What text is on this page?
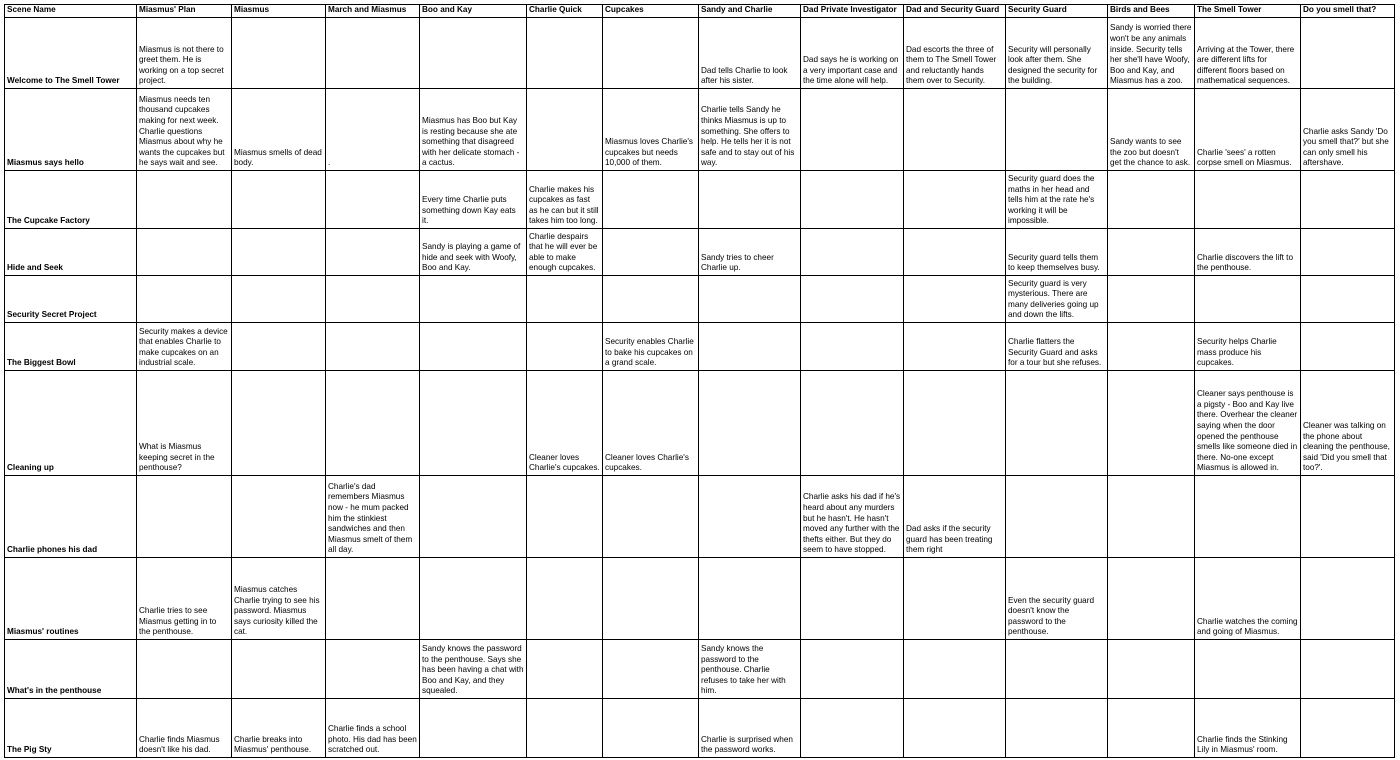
Scene Name	Miasmus' Plan	Miasmus	March and Miasmus	Boo and Kay	Charlie Quick	Cupcakes	Sandy and Charlie	Dad Private Investigator	Dad and Security Guard	Security Guard	Birds and Bees	The Smell Tower	Do you smell that?

Welcome to The Smell Tower	Miasmus is not there to greet them. He is working on a top secret project.						Dad tells Charlie to look after his sister.	Dad says he is working on a very important case and the time alone will help.	Dad escorts the three of them to The Smell Tower and reluctantly hands them over to Security.	Security will personally look after them. She designed the security for the building.	Sandy is worried there won't be any animals inside. Security tells her she'll have Woofy, Boo and Kay, and Miasmus has a zoo.	Arriving at the Tower, there are different lifts for different floors based on mathematical sequences.	

Miasmus says hello	Miasmus needs ten thousand cupcakes making for next week. Charlie questions Miasmus about why he wants the cupcakes but he says wait and see.	Miasmus smells of dead body.	.	Miasmus has Boo but Kay is resting because she ate something that disagreed with her delicate stomach - a cactus.		Miasmus loves Charlie's cupcakes but needs 10,000 of them.	Charlie tells Sandy he thinks Miasmus is up to something. She offers to help. He tells her it is not safe and to stay out of his way.				Sandy wants to see the zoo but doesn't get the chance to ask.	Charlie 'sees' a rotten corpse smell on Miasmus.	Charlie asks Sandy 'Do you smell that?' but she can only smell his aftershave.

The Cupcake Factory				Every time Charlie puts something down Kay eats it.	Charlie makes his cupcakes as fast as he can but it still takes him too long.					Security guard does the maths in her head and tells him at the rate he's working it will be impossible.			

Hide and Seek				Sandy is playing a game of hide and seek with Woofy, Boo and Kay.	Charlie despairs that he will ever be able to make enough cupcakes.		Sandy tries to cheer Charlie up.			Security guard tells them to keep themselves busy.		Charlie discovers the lift to the penthouse.	

Security Secret Project										Security guard is very mysterious. There are many deliveries going up and down the lifts.			

The Biggest Bowl	Security makes a device that enables Charlie to make cupcakes on an industrial scale.					Security enables Charlie to bake his cupcakes on a grand scale.				Charlie flatters the Security Guard and asks for a tour but she refuses.		Security helps Charlie mass produce his cupcakes.	

Cleaning up	What is Miasmus keeping secret in the penthouse?				Cleaner loves Charlie's cupcakes.	Cleaner loves Charlie's cupcakes.						Cleaner says penthouse is a pigsty - Boo and Kay live there. Overhear the cleaner saying when the door opened the penthouse smells like someone died in there. No-one except Miasmus is allowed in.	Cleaner was talking on the phone about cleaning the penthouse, said 'Did you smell that too?'.

Charlie phones his dad			Charlie's dad remembers Miasmus now - he mum packed him the stinkiest sandwiches and then Miasmus smelt of them all day.					Charlie asks his dad if he's heard about any murders but he hasn't. He hasn't moved any further with the thefts either. But they do seem to have stopped.	Dad asks if the security guard has been treating them right				

Miasmus' routines	Charlie tries to see Miasmus getting in to the penthouse.	Miasmus catches Charlie trying to see his password. Miasmus says curiosity killed the cat.								Even the security guard doesn't know the password to the penthouse.		Charlie watches the coming and going of Miasmus.	

What's in the penthouse				Sandy knows the password to the penthouse. Says she has been having a chat with Boo and Kay, and they squealed.			Sandy knows the password to the penthouse. Charlie refuses to take her with him.						

The Pig Sty	Charlie finds Miasmus doesn't like his dad.	Charlie breaks into Miasmus' penthouse.	Charlie finds a school photo. His dad has been scratched out.				Charlie is surprised when the password works.					Charlie finds the Stinking Lily in Miasmus' room.	
